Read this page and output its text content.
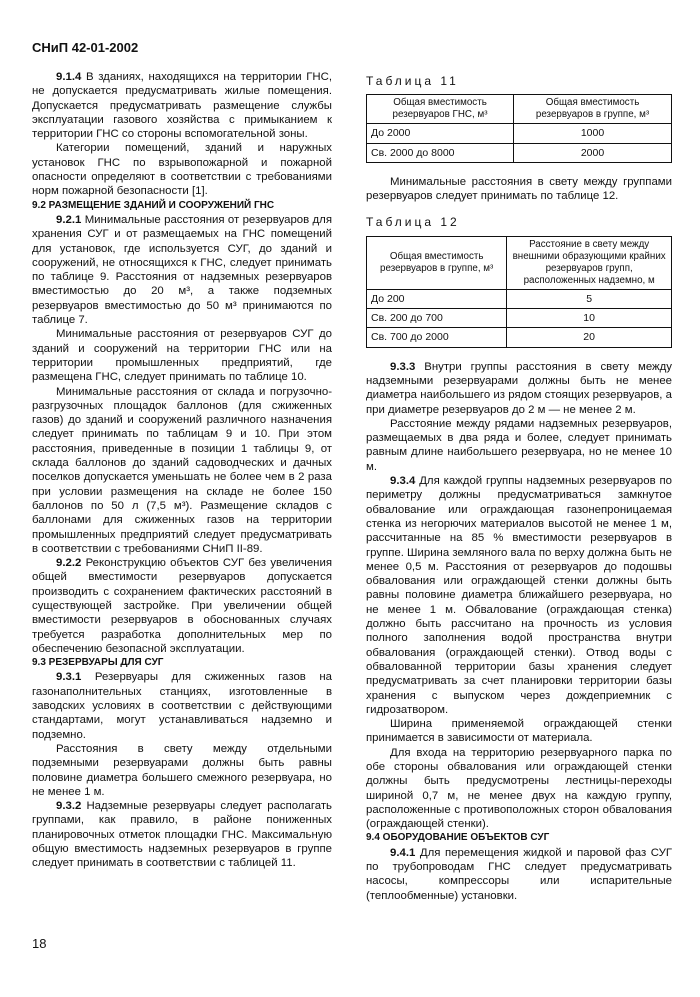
СНиП 42-01-2002

9.1.4 В зданиях, находящихся на территории ГНС, не допускается предусматривать жилые помещения. Допускается предусматривать размещение службы эксплуатации газового хозяйства с примыканием к территории ГНС со стороны вспомогательной зоны.

Категории помещений, зданий и наружных установок ГНС по взрывопожарной и пожарной опасности определяют в соответствии с требованиями норм пожарной безопасности [1].

9.2 РАЗМЕЩЕНИЕ ЗДАНИЙ И СООРУЖЕНИЙ ГНС

9.2.1 Минимальные расстояния от резервуаров для хранения СУГ и от размещаемых на ГНС помещений для установок, где используется СУГ, до зданий и сооружений, не относящихся к ГНС, следует принимать по таблице 9. Расстояния от надземных резервуаров вместимостью до 20 м³, а также подземных резервуаров вместимостью до 50 м³ принимаются по таблице 7.

Минимальные расстояния от резервуаров СУГ до зданий и сооружений на территории ГНС или на территории промышленных предприятий, где размещена ГНС, следует принимать по таблице 10.

Минимальные расстояния от склада и погрузочно-разгрузочных площадок баллонов (для сжиженных газов) до зданий и сооружений различного назначения следует принимать по таблицам 9 и 10. При этом расстояния, приведенные в позиции 1 таблицы 9, от склада баллонов до зданий садоводческих и дачных поселков допускается уменьшать не более чем в 2 раза при условии размещения на складе не более 150 баллонов по 50 л (7,5 м³). Размещение складов с баллонами для сжиженных газов на территории промышленных предприятий следует предусматривать в соответствии с требованиями СНиП II-89.

9.2.2 Реконструкцию объектов СУГ без увеличения общей вместимости резервуаров допускается производить с сохранением фактических расстояний в существующей застройке. При увеличении общей вместимости резервуаров в обоснованных случаях требуется разработка дополнительных мер по обеспечению безопасной эксплуатации.

9.3 РЕЗЕРВУАРЫ ДЛЯ СУГ

9.3.1 Резервуары для сжиженных газов на газонаполнительных станциях, изготовленные в заводских условиях в соответствии с действующими стандартами, могут устанавливаться надземно и подземно.

Расстояния в свету между отдельными подземными резервуарами должны быть равны половине диаметра большего смежного резервуара, но не менее 1 м.

9.3.2 Надземные резервуары следует располагать группами, как правило, в районе пониженных планировочных отметок площадки ГНС. Максимальную общую вместимость надземных резервуаров в группе следует принимать в соответствии с таблицей 11.

Таблица 11
Общая вместимость резервуаров ГНС, м³	Общая вместимость резервуаров в группе, м³
До 2000	1000
Св. 2000 до 8000	2000

Минимальные расстояния в свету между группами резервуаров следует принимать по таблице 12.

Таблица 12
Общая вместимость резервуаров в группе, м³	Расстояние в свету между внешними образующими крайних резервуаров групп, расположенных надземно, м
До 200	5
Св. 200 до 700	10
Св. 700 до 2000	20

9.3.3 Внутри группы расстояния в свету между надземными резервуарами должны быть не менее диаметра наибольшего из рядом стоящих резервуаров, а при диаметре резервуаров до 2 м — не менее 2 м.

Расстояние между рядами надземных резервуаров, размещаемых в два ряда и более, следует принимать равным длине наибольшего резервуара, но не менее 10 м.

9.3.4 Для каждой группы надземных резервуаров по периметру должны предусматриваться замкнутое обвалование или ограждающая газонепроницаемая стенка из негорючих материалов высотой не менее 1 м, рассчитанные на 85 % вместимости резервуаров в группе. Ширина земляного вала по верху должна быть не менее 0,5 м. Расстояния от резервуаров до подошвы обвалования или ограждающей стенки должны быть равны половине диаметра ближайшего резервуара, но не менее 1 м. Обвалование (ограждающая стенка) должно быть рассчитано на прочность из условия полного заполнения водой пространства внутри обвалования (ограждающей стенки). Отвод воды с обвалованной территории базы хранения следует предусматривать за счет планировки территории базы хранения с выпуском через дождеприемник с гидрозатвором.

Ширина применяемой ограждающей стенки принимается в зависимости от материала.

Для входа на территорию резервуарного парка по обе стороны обвалования или ограждающей стенки должны быть предусмотрены лестницы-переходы шириной 0,7 м, не менее двух на каждую группу, расположенные с противоположных сторон обвалования (ограждающей стенки).

9.4 ОБОРУДОВАНИЕ ОБЪЕКТОВ СУГ

9.4.1 Для перемещения жидкой и паровой фаз СУГ по трубопроводам ГНС следует предусматривать насосы, компрессоры или испарительные (теплообменные) установки.

18
